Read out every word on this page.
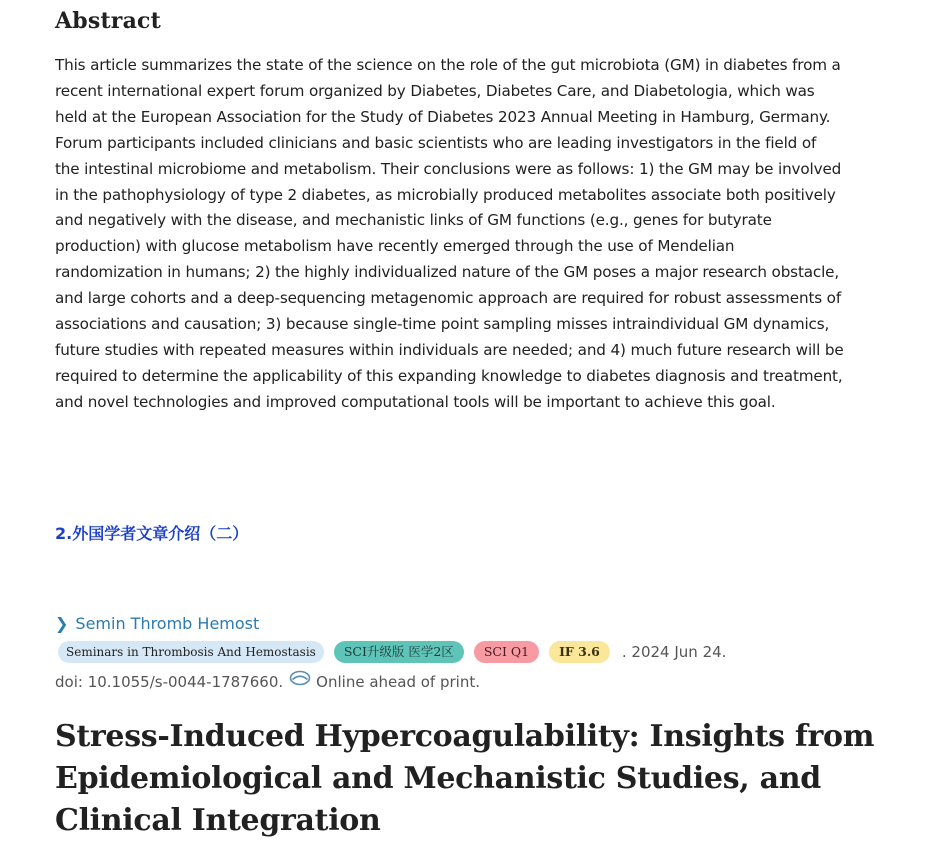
Abstract

This article summarizes the state of the science on the role of the gut microbiota (GM) in diabetes from a recent international expert forum organized by Diabetes, Diabetes Care, and Diabetologia, which was held at the European Association for the Study of Diabetes 2023 Annual Meeting in Hamburg, Germany. Forum participants included clinicians and basic scientists who are leading investigators in the field of the intestinal microbiome and metabolism. Their conclusions were as follows: 1) the GM may be involved in the pathophysiology of type 2 diabetes, as microbially produced metabolites associate both positively and negatively with the disease, and mechanistic links of GM functions (e.g., genes for butyrate production) with glucose metabolism have recently emerged through the use of Mendelian randomization in humans; 2) the highly individualized nature of the GM poses a major research obstacle, and large cohorts and a deep-sequencing metagenomic approach are required for robust assessments of associations and causation; 3) because single-time point sampling misses intraindividual GM dynamics, future studies with repeated measures within individuals are needed; and 4) much future research will be required to determine the applicability of this expanding knowledge to diabetes diagnosis and treatment, and novel technologies and improved computational tools will be important to achieve this goal.

2.外国学者文章介绍（二）
❯ Semin Thromb Hemost
Seminars in Thrombosis And Hemostasis	SCI升级版 医学2区	SCI Q1	IF 3.6	. 2024 Jun 24.
doi: 10.1055/s-0044-1787660. Online ahead of print.
Stress-Induced Hypercoagulability: Insights from Epidemiological and Mechanistic Studies, and Clinical Integration
